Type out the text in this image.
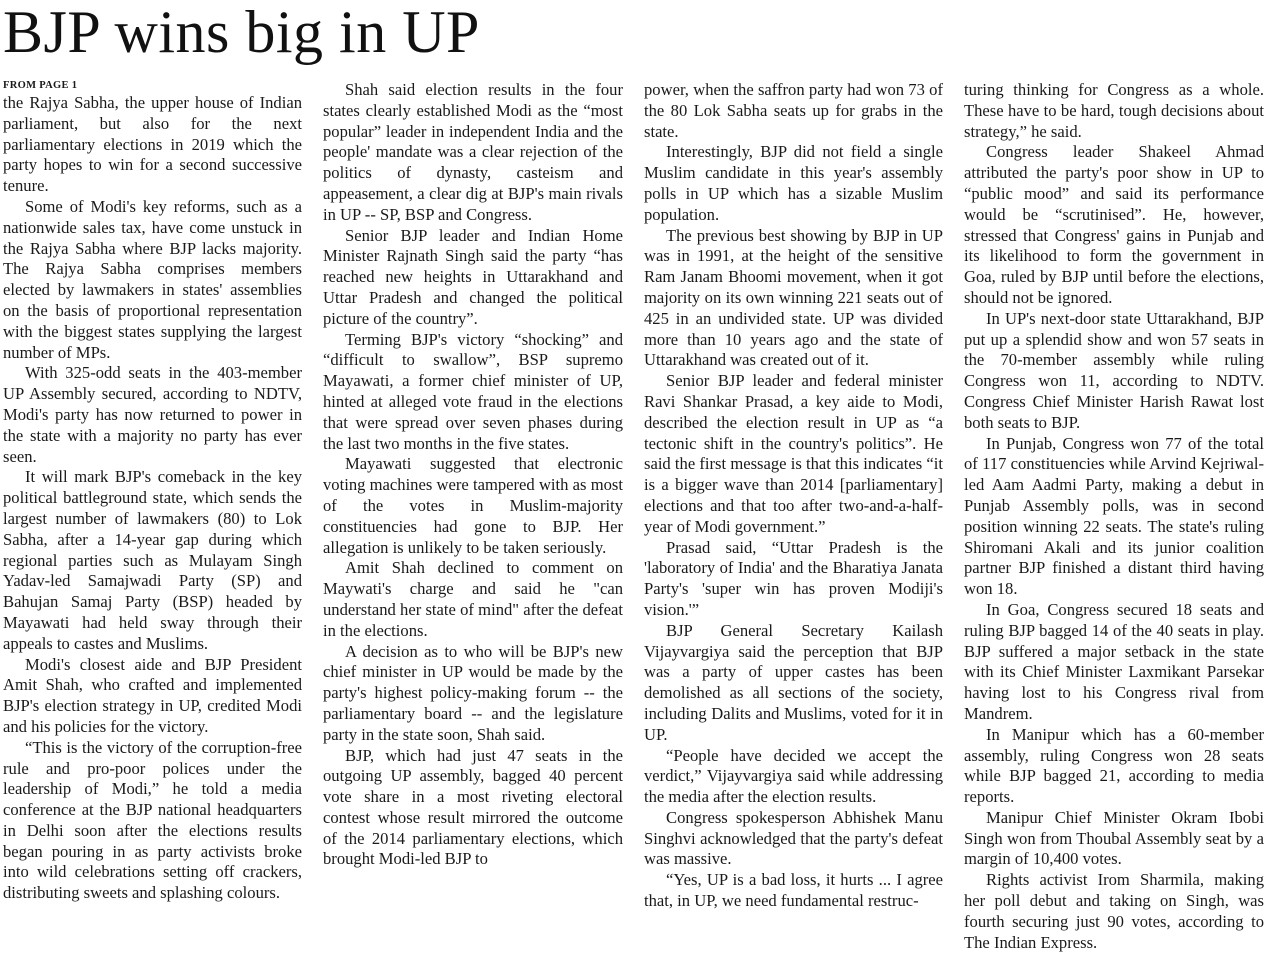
BJP wins big in UP
FROM PAGE 1

the Rajya Sabha, the upper house of Indian parliament, but also for the next parliamentary elections in 2019 which the party hopes to win for a second successive tenure.

Some of Modi's key reforms, such as a nationwide sales tax, have come unstuck in the Rajya Sabha where BJP lacks majority. The Rajya Sabha comprises members elected by lawmakers in states' assemblies on the basis of proportional representation with the biggest states supplying the largest number of MPs.

With 325-odd seats in the 403-member UP Assembly secured, according to NDTV, Modi's party has now returned to power in the state with a majority no party has ever seen.

It will mark BJP's comeback in the key political battleground state, which sends the largest number of lawmakers (80) to Lok Sabha, after a 14-year gap during which regional parties such as Mulayam Singh Yadav-led Samajwadi Party (SP) and Bahujan Samaj Party (BSP) headed by Mayawati had held sway through their appeals to castes and Muslims.

Modi's closest aide and BJP President Amit Shah, who crafted and implemented BJP's election strategy in UP, credited Modi and his policies for the victory.

“This is the victory of the corruption-free rule and pro-poor polices under the leadership of Modi,” he told a media conference at the BJP national headquarters in Delhi soon after the elections results began pouring in as party activists broke into wild celebrations setting off crackers, distributing sweets and splashing colours.

Shah said election results in the four states clearly established Modi as the “most popular” leader in independent India and the people' mandate was a clear rejection of the politics of dynasty, casteism and appeasement, a clear dig at BJP's main rivals in UP -- SP, BSP and Congress.

Senior BJP leader and Indian Home Minister Rajnath Singh said the party “has reached new heights in Uttarakhand and Uttar Pradesh and changed the political picture of the country”.

Terming BJP's victory “shocking” and “difficult to swallow”, BSP supremo Mayawati, a former chief minister of UP, hinted at alleged vote fraud in the elections that were spread over seven phases during the last two months in the five states.

Mayawati suggested that electronic voting machines were tampered with as most of the votes in Muslim-majority constituencies had gone to BJP. Her allegation is unlikely to be taken seriously.

Amit Shah declined to comment on Maywati's charge and said he "can understand her state of mind" after the defeat in the elections.

A decision as to who will be BJP's new chief minister in UP would be made by the party's highest policy-making forum -- the parliamentary board -- and the legislature party in the state soon, Shah said.

BJP, which had just 47 seats in the outgoing UP assembly, bagged 40 percent vote share in a most riveting electoral contest whose result mirrored the outcome of the 2014 parliamentary elections, which brought Modi-led BJP to

power, when the saffron party had won 73 of the 80 Lok Sabha seats up for grabs in the state.

Interestingly, BJP did not field a single Muslim candidate in this year's assembly polls in UP which has a sizable Muslim population.

The previous best showing by BJP in UP was in 1991, at the height of the sensitive Ram Janam Bhoomi movement, when it got majority on its own winning 221 seats out of 425 in an undivided state. UP was divided more than 10 years ago and the state of Uttarakhand was created out of it.

Senior BJP leader and federal minister Ravi Shankar Prasad, a key aide to Modi, described the election result in UP as “a tectonic shift in the country's politics”. He said the first message is that this indicates “it is a bigger wave than 2014 [parliamentary] elections and that too after two-and-a-half-year of Modi government.”

Prasad said, “Uttar Pradesh is the 'laboratory of India' and the Bharatiya Janata Party's 'super win has proven Modiji's vision.'”

BJP General Secretary Kailash Vijayvargiya said the perception that BJP was a party of upper castes has been demolished as all sections of the society, including Dalits and Muslims, voted for it in UP.

“People have decided we accept the verdict,” Vijayvargiya said while addressing the media after the election results.

Congress spokesperson Abhishek Manu Singhvi acknowledged that the party's defeat was massive.

“Yes, UP is a bad loss, it hurts ... I agree that, in UP, we need fundamental restruc-

turing thinking for Congress as a whole. These have to be hard, tough decisions about strategy,” he said.

Congress leader Shakeel Ahmad attributed the party's poor show in UP to “public mood” and said its performance would be “scrutinised”. He, however, stressed that Congress' gains in Punjab and its likelihood to form the government in Goa, ruled by BJP until before the elections, should not be ignored.

In UP's next-door state Uttarakhand, BJP put up a splendid show and won 57 seats in the 70-member assembly while ruling Congress won 11, according to NDTV. Congress Chief Minister Harish Rawat lost both seats to BJP.

In Punjab, Congress won 77 of the total of 117 constituencies while Arvind Kejriwal-led Aam Aadmi Party, making a debut in Punjab Assembly polls, was in second position winning 22 seats. The state's ruling Shiromani Akali and its junior coalition partner BJP finished a distant third having won 18.

In Goa, Congress secured 18 seats and ruling BJP bagged 14 of the 40 seats in play. BJP suffered a major setback in the state with its Chief Minister Laxmikant Parsekar having lost to his Congress rival from Mandrem.

In Manipur which has a 60-member assembly, ruling Congress won 28 seats while BJP bagged 21, according to media reports.

Manipur Chief Minister Okram Ibobi Singh won from Thoubal Assembly seat by a margin of 10,400 votes.

Rights activist Irom Sharmila, making her poll debut and taking on Singh, was fourth securing just 90 votes, according to The Indian Express.
